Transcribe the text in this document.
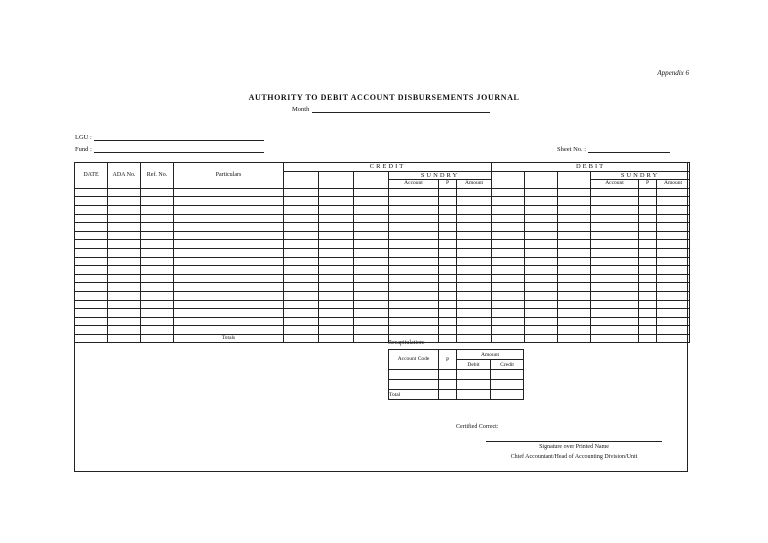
Appendix 6
AUTHORITY TO DEBIT ACCOUNT DISBURSEMENTS JOURNAL
Month
LGU :
Fund :	Sheet No. :
DATE	ADA No.	Ref. No.	Particulars	CREDIT						DEBIT					
							SUNDRY						SUNDRY		
							Account	P	Amount				Account	P	Amount

			Totals												
Recapitulation:
Account Code	P	Amount	
		Debit	Credit

Total			
Certified Correct:
Signature over Printed Name
Chief Accountant/Head of Accounting Division/Unit
